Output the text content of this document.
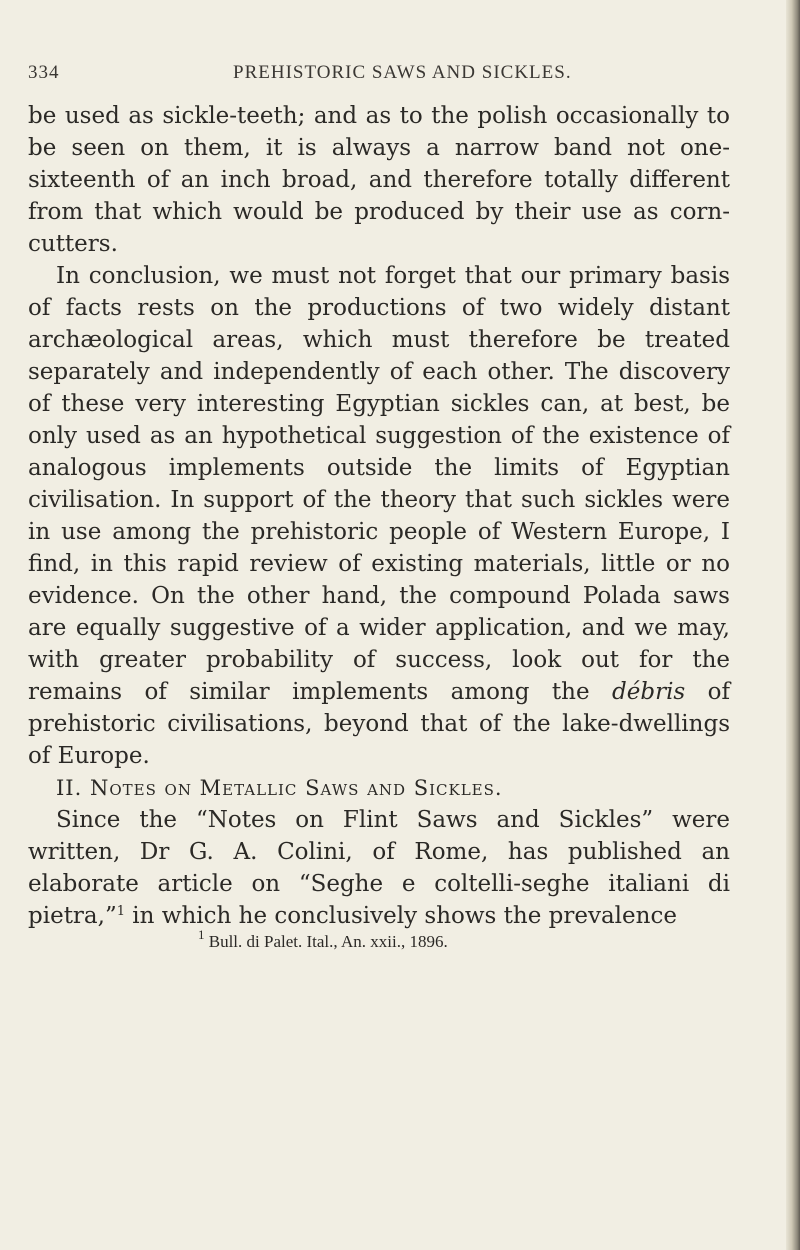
334	PREHISTORIC SAWS AND SICKLES.

be used as sickle-teeth; and as to the polish occasionally to be seen on them, it is always a narrow band not one-sixteenth of an inch broad, and therefore totally different from that which would be produced by their use as corn-cutters.

In conclusion, we must not forget that our primary basis of facts rests on the productions of two widely distant archæological areas, which must therefore be treated separately and independently of each other. The discovery of these very interesting Egyptian sickles can, at best, be only used as an hypothetical suggestion of the existence of analogous implements outside the limits of Egyptian civilisation. In support of the theory that such sickles were in use among the prehistoric people of Western Europe, I find, in this rapid review of existing materials, little or no evidence. On the other hand, the compound Polada saws are equally suggestive of a wider application, and we may, with greater probability of success, look out for the remains of similar implements among the débris of prehistoric civilisations, beyond that of the lake-dwellings of Europe.

II. Notes on Metallic Saws and Sickles.

Since the “Notes on Flint Saws and Sickles” were written, Dr G. A. Colini, of Rome, has published an elaborate article on “Seghe e coltelli-seghe italiani di pietra,”$^1$ in which he conclusively shows the prevalence

$^1$ Bull. di Palet. Ital., An. xxii., 1896.
